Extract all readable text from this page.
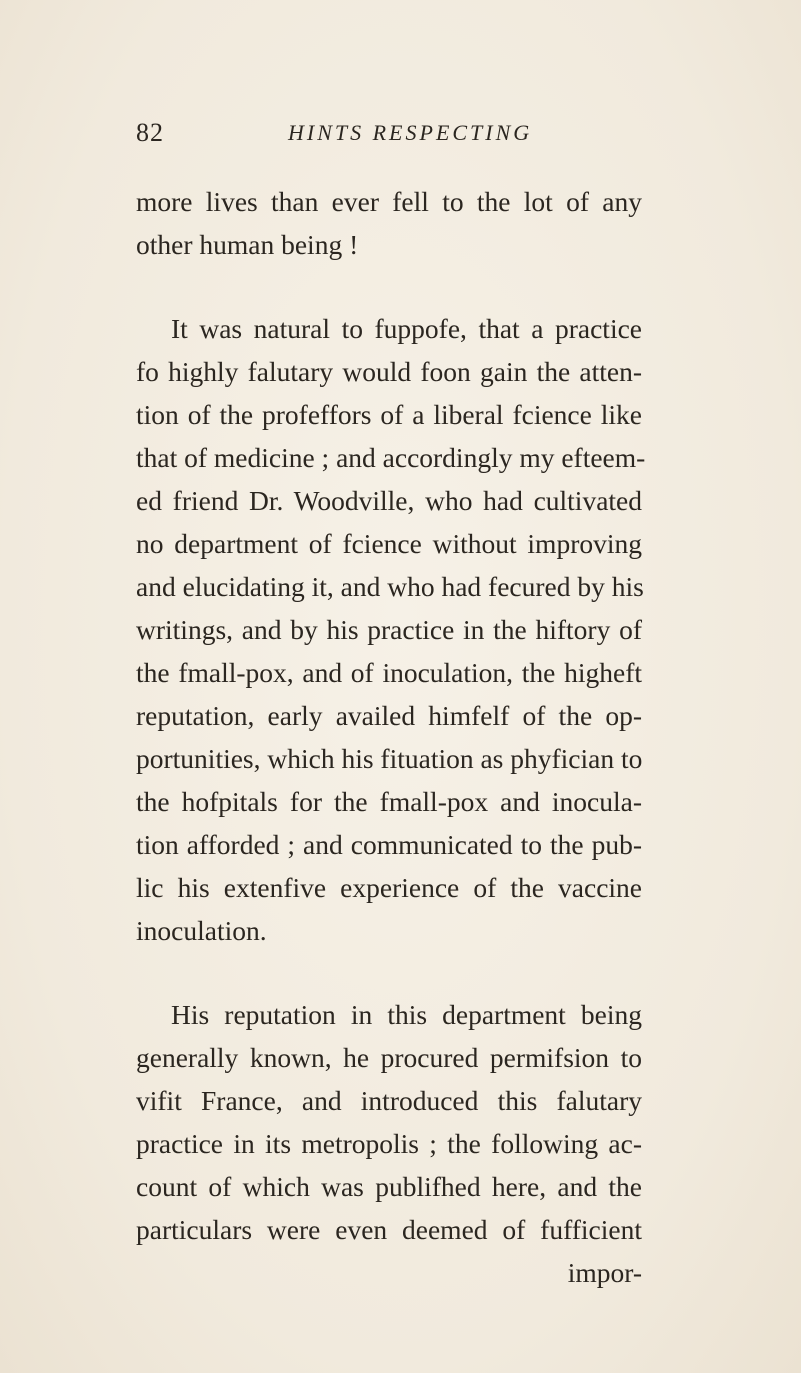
82	HINTS RESPECTING
more lives than ever fell to the lot of any
other human being !
It was natural to fuppofe, that a practice
fo highly falutary would foon gain the atten-
tion of the profeffors of a liberal fcience like
that of medicine ; and accordingly my efteem-
ed friend Dr. Woodville, who had cultivated
no department of fcience without improving
and elucidating it, and who had fecured by his
writings, and by his practice in the hiftory of
the fmall-pox, and of inoculation, the higheft
reputation, early availed himfelf of the op-
portunities, which his fituation as phyfician to
the hofpitals for the fmall-pox and inocula-
tion afforded ; and communicated to the pub-
lic his extenfive experience of the vaccine
inoculation.
His reputation in this department being
generally known, he procured permifsion to
vifit France, and introduced this falutary
practice in its metropolis ; the following ac-
count of which was publifhed here, and the
particulars were even deemed of fufficient
impor-
